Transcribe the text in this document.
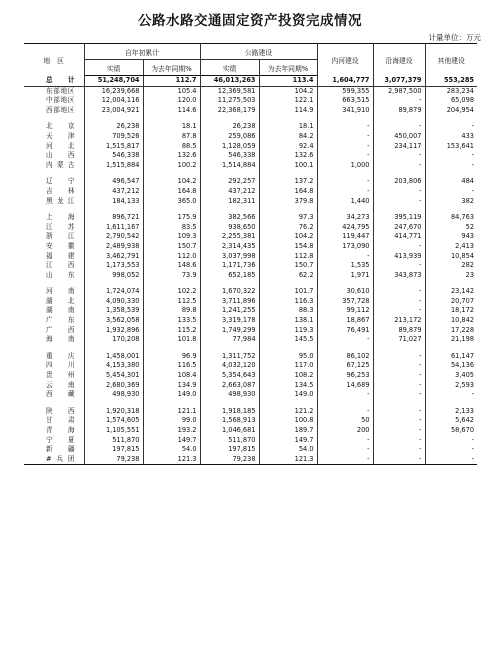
公路水路交通固定资产投资完成情况
计量单位：万元
地　区	自年初累计		公路建设		内河建设	沿海建设	其他建设
	实绩	为去年同期%	实绩	为去年同期%			
总计	51,248,704	112.7	46,013,263	113.4	1,604,777	3,077,379	553,285
东部地区	16,239,668	105.4	12,369,581	104.2	599,355	2,987,500	283,234
中部地区	12,004,116	120.0	11,275,503	122.1	663,515	-	65,098
西部地区	23,004,921	114.6	22,368,179	114.9	341,910	89,879	204,954

北京	26,238	18.1	26,238	18.1	-	-	-
天津	709,526	87.8	259,086	84.2	-	450,007	433
河北	1,515,817	88.5	1,128,059	92.4	-	234,117	153,641
山西	546,338	132.6	546,338	132.6	-	-	-
内蒙古	1,515,884	100.2	1,514,884	100.1	1,000	-	-

辽宁	496,547	104.2	292,257	137.2	-	203,806	484
吉林	437,212	164.8	437,212	164.8	-	-	-
黑龙江	184,133	365.0	182,311	379.8	1,440	-	382

上海	896,721	175.9	382,566	97.3	34,273	395,119	84,763
江苏	1,611,167	83.5	938,650	76.2	424,795	247,670	52
浙江	2,790,542	109.3	2,255,381	104.2	119,447	414,771	943
安徽	2,489,938	150.7	2,314,435	154.8	173,090	-	2,413
福建	3,462,791	112.0	3,037,998	112.8	-	413,939	10,854
江西	1,173,553	148.6	1,171,736	150.7	1,535	-	282
山东	998,052	73.9	652,185	62.2	1,971	343,873	23

河南	1,724,074	102.2	1,670,322	101.7	30,610	-	23,142
湖北	4,090,330	112.5	3,711,896	116.3	357,728	-	20,707
湖南	1,358,539	89.8	1,241,255	88.3	99,112	-	18,172
广东	3,562,058	133.5	3,319,178	138.1	18,867	213,172	10,842
广西	1,932,896	115.2	1,749,299	119.3	76,491	89,879	17,228
海南	170,208	101.8	77,984	145.5	-	71,027	21,198

重庆	1,458,001	96.9	1,311,752	95.0	86,102	-	61,147
四川	4,153,380	116.5	4,032,120	117.0	67,125	-	54,136
贵州	5,454,301	108.4	5,354,643	108.2	96,253	-	3,405
云南	2,680,369	134.9	2,663,087	134.5	14,689	-	2,593
西藏	498,930	149.0	498,930	149.0	-	-	-

陕西	1,920,318	121.1	1,918,185	121.2	-	-	2,133
甘肃	1,574,605	99.0	1,568,913	100.8	50	-	5,642
青海	1,105,551	193.2	1,046,681	189.7	200	-	58,670
宁夏	511,870	149.7	511,870	149.7	-	-	-
新疆	197,815	54.0	197,815	54.0	-	-	-
#兵团	79,238	121.3	79,238	121.3	-	-	-
